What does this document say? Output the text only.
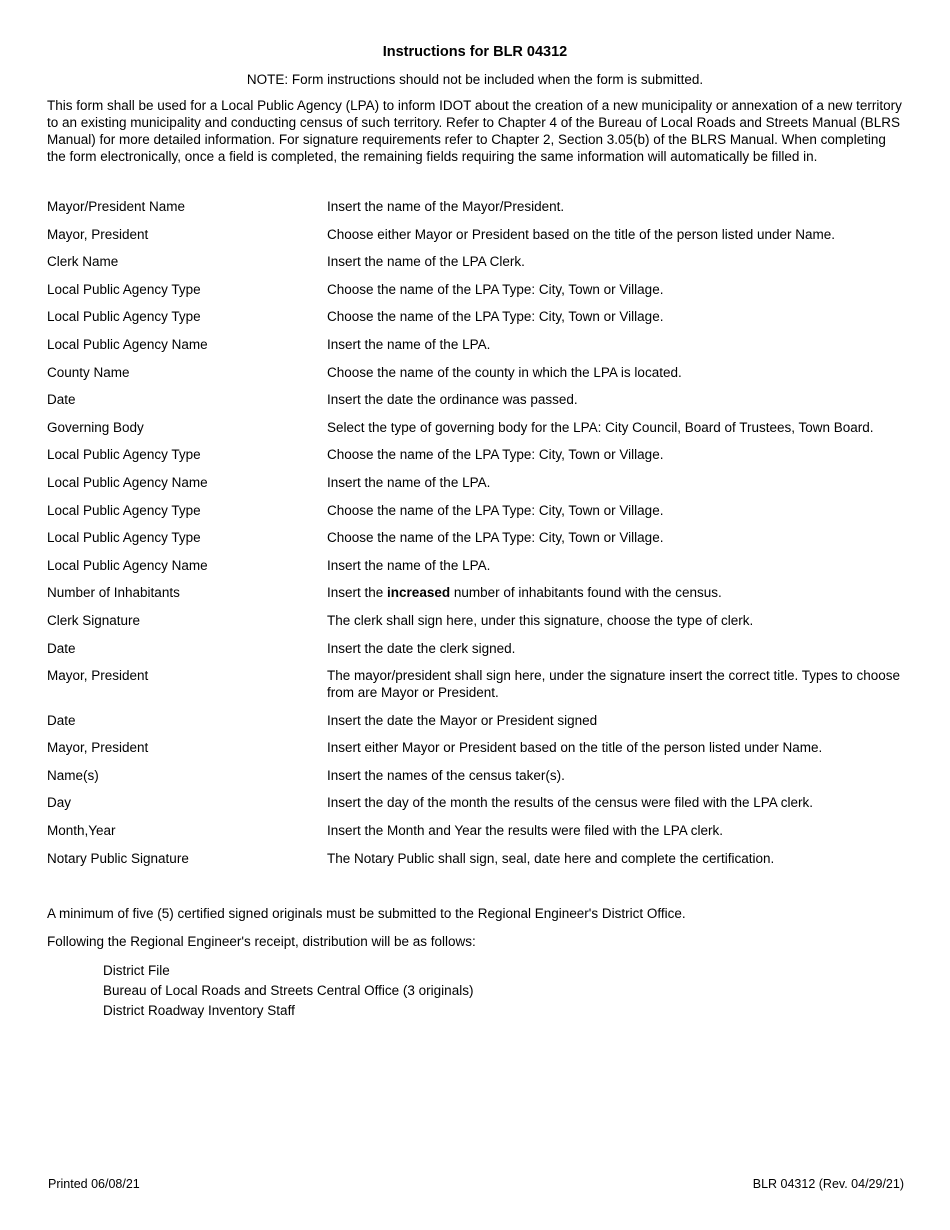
Instructions for BLR 04312
NOTE: Form instructions should not be included when the form is submitted.
This form shall be used for a Local Public Agency (LPA) to inform IDOT about the creation of a new municipality or annexation of a new territory to an existing municipality and conducting census of such territory. Refer to Chapter 4 of the Bureau of Local Roads and Streets Manual (BLRS Manual) for more detailed information. For signature requirements refer to Chapter 2, Section 3.05(b) of the BLRS Manual. When completing the form electronically, once a field is completed, the remaining fields requiring the same information will automatically be filled in.
Mayor/President Name	Insert the name of the Mayor/President.
Mayor, President	Choose either Mayor or President based on the title of the person listed under Name.
Clerk Name	Insert the name of the LPA Clerk.
Local Public Agency Type	Choose the name of the LPA Type: City, Town or Village.
Local Public Agency Type	Choose the name of the LPA Type: City, Town or Village.
Local Public Agency Name	Insert the name of the LPA.
County Name	Choose the name of the county in which the LPA is located.
Date	Insert the date the ordinance was passed.
Governing Body	Select the type of governing body for the LPA: City Council, Board of Trustees, Town Board.
Local Public Agency Type	Choose the name of the LPA Type: City, Town or Village.
Local Public Agency Name	Insert the name of the LPA.
Local Public Agency Type	Choose the name of the LPA Type: City, Town or Village.
Local Public Agency Type	Choose the name of the LPA Type: City, Town or Village.
Local Public Agency Name	Insert the name of the LPA.
Number of Inhabitants	Insert the increased number of inhabitants found with the census.
Clerk Signature	The clerk shall sign here, under this signature, choose the type of clerk.
Date	Insert the date the clerk signed.
Mayor, President	The mayor/president shall sign here, under the signature insert the correct title. Types to choose from are Mayor or President.
Date	Insert the date the Mayor or President signed
Mayor, President	Insert either Mayor or President based on the title of the person listed under Name.
Name(s)	Insert the names of the census taker(s).
Day	Insert the day of the month the results of the census were filed with the LPA clerk.
Month,Year	Insert the Month and Year the results were filed with the LPA clerk.
Notary Public Signature	The Notary Public shall sign, seal, date here and complete the certification.

A minimum of five (5) certified signed originals must be submitted to the Regional Engineer's District Office.

Following the Regional Engineer's receipt, distribution will be as follows:

District File
Bureau of Local Roads and Streets Central Office (3 originals)
District Roadway Inventory Staff
Printed 06/08/21	BLR 04312 (Rev. 04/29/21)
